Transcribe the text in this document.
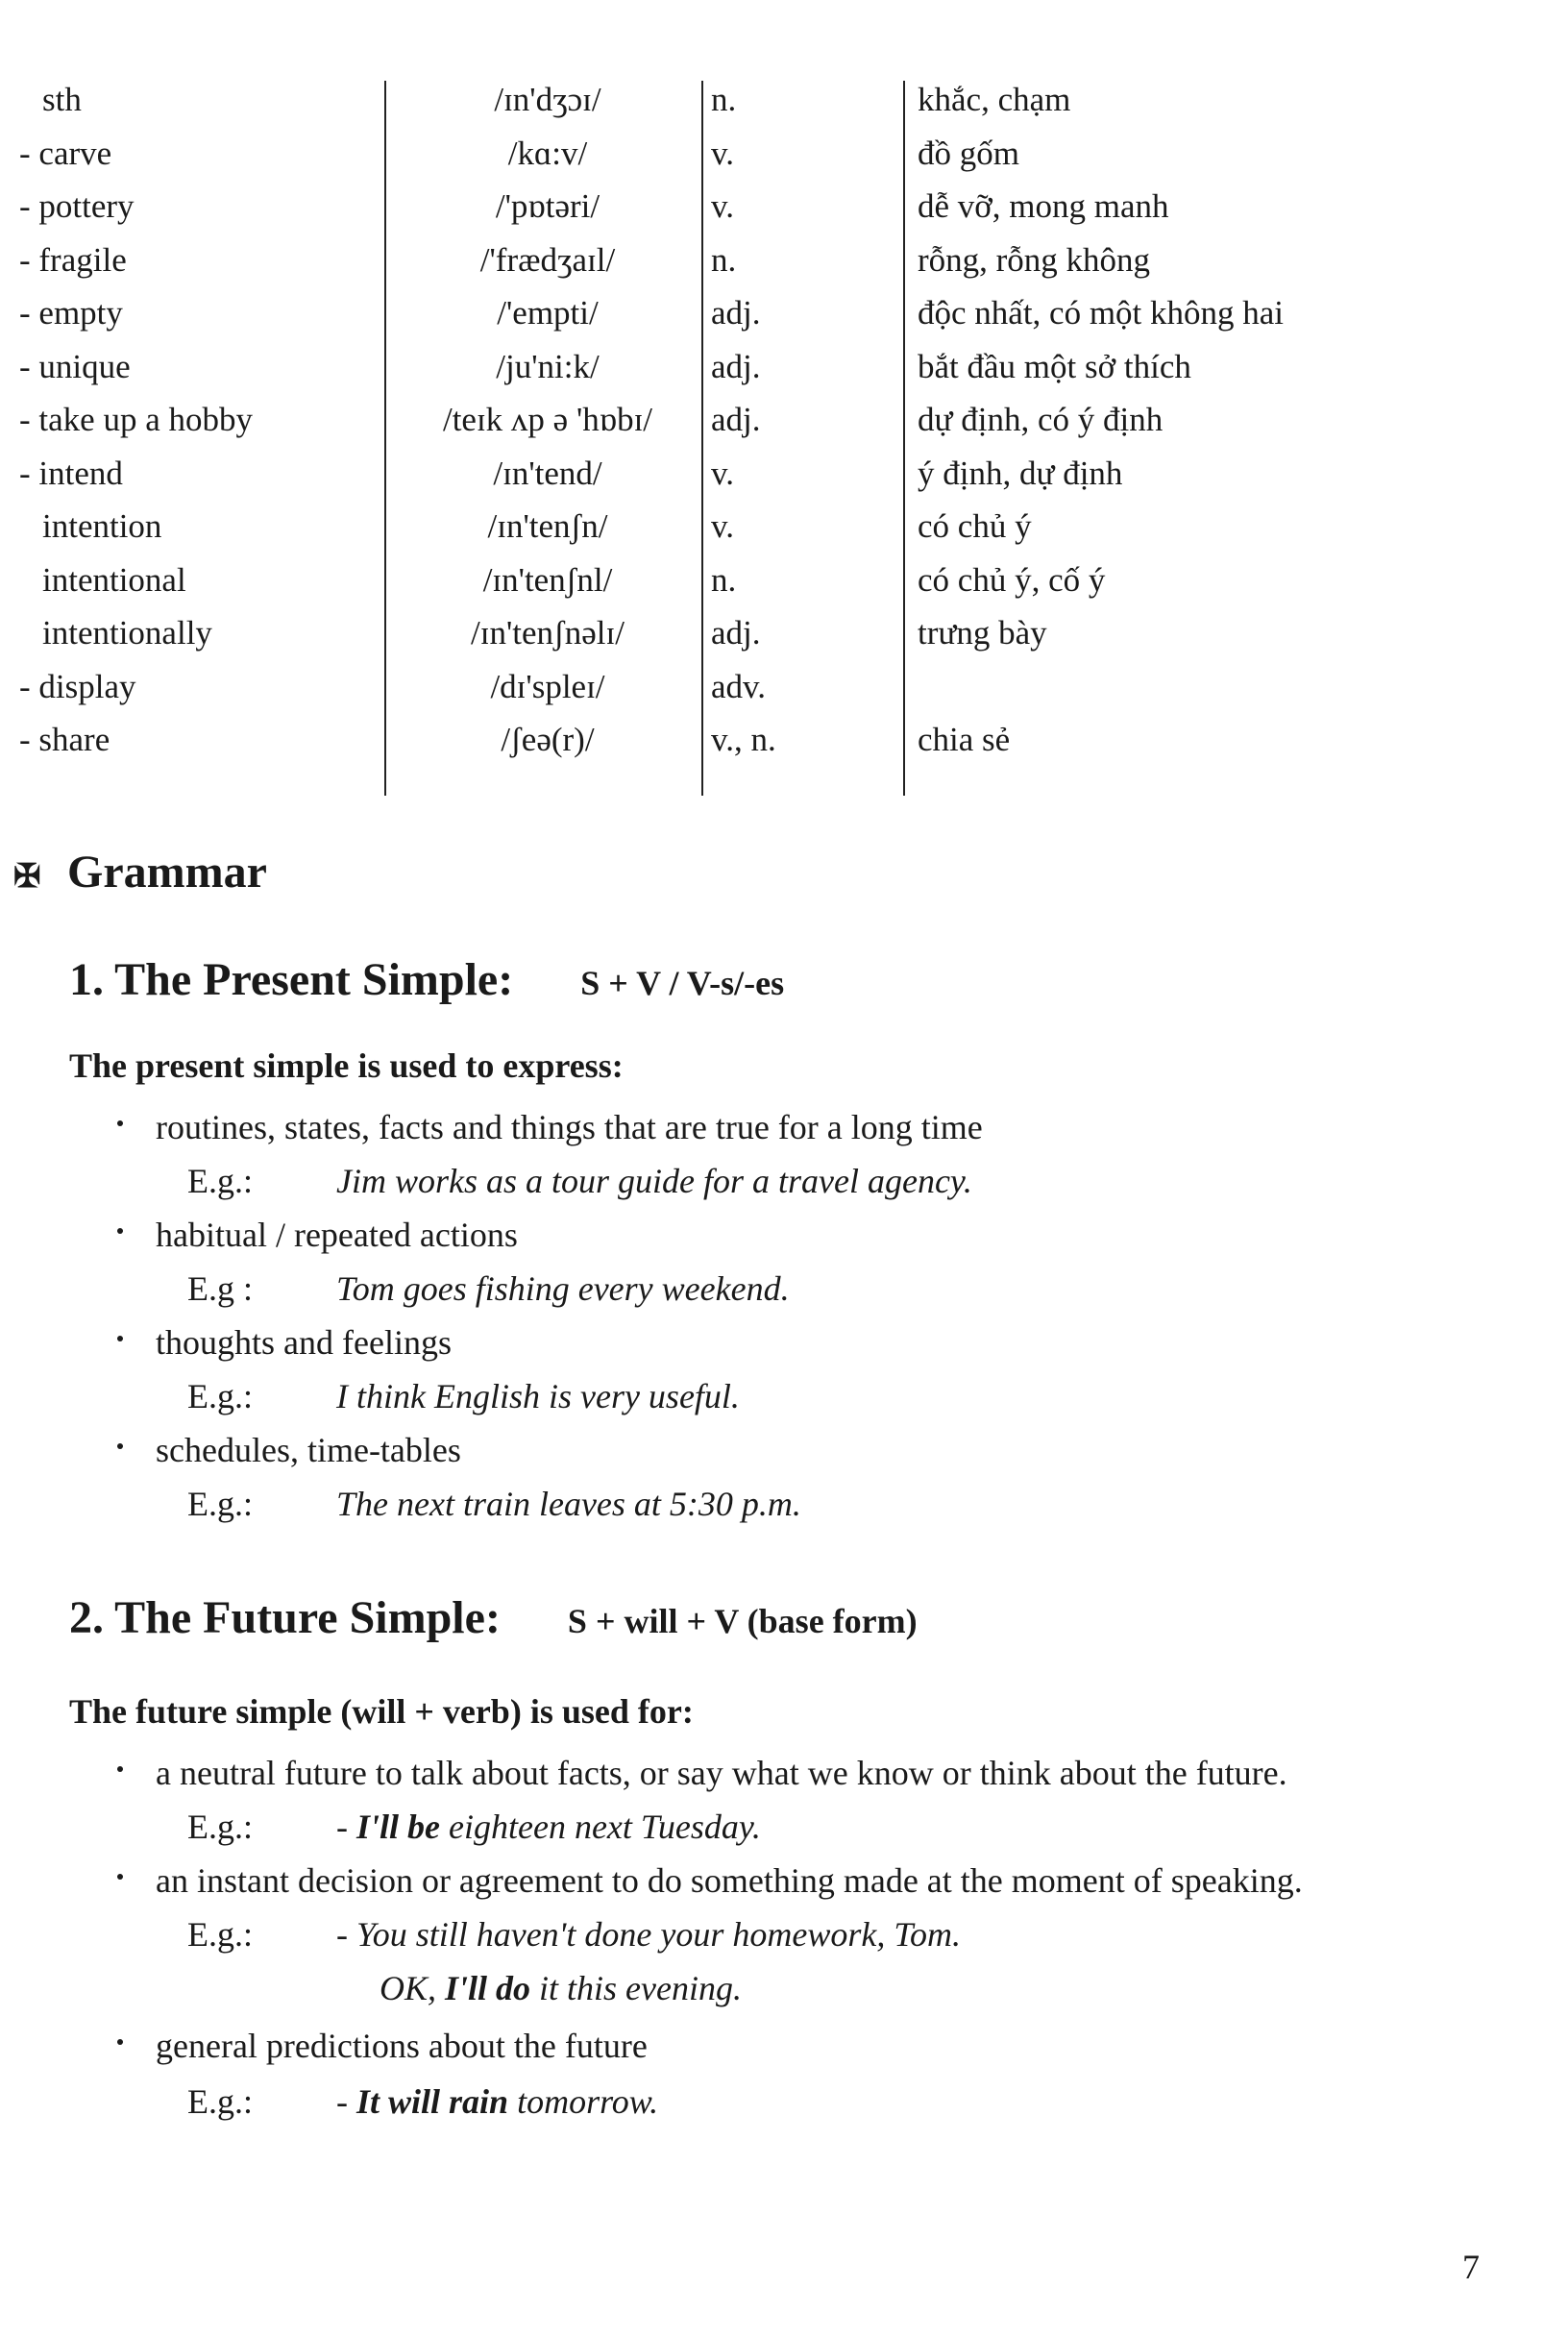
sth	/ɪn'dʒɔɪ/	n.	khắc, chạm
- carve	/kɑ:v/	v.	đồ gốm
- pottery	/'pɒtəri/	v.	dễ vỡ, mong manh
- fragile	/'frædʒaɪl/	n.	rỗng, rỗng không
- empty	/'empti/	adj.	độc nhất, có một không hai
- unique	/ju'ni:k/	adj.	bắt đầu một sở thích
- take up a hobby	/teɪk ʌp ə 'hɒbɪ/	adj.	dự định, có ý định
- intend	/ɪn'tend/	v.	ý định, dự định
intention	/ɪn'tenʃn/	v.	có chủ ý
intentional	/ɪn'tenʃnl/	n.	có chủ ý, cố ý
intentionally	/ɪn'tenʃnəlɪ/	adj.	trưng bày
- display	/dɪ'spleɪ/	adv.
- share	/ʃeə(r)/	v., n.	chia sẻ
✠ Grammar
1. The Present Simple: S + V / V-s/-es
The present simple is used to express:
routines, states, facts and things that are true for a long time
E.g.: Jim works as a tour guide for a travel agency.
habitual / repeated actions
E.g : Tom goes fishing every weekend.
thoughts and feelings
E.g.: I think English is very useful.
schedules, time-tables
E.g.: The next train leaves at 5:30 p.m.
2. The Future Simple: S + will + V (base form)
The future simple (will + verb) is used for:
a neutral future to talk about facts, or say what we know or think about the future.
E.g.: - I'll be eighteen next Tuesday.
an instant decision or agreement to do something made at the moment of speaking.
E.g.: - You still haven't done your homework, Tom.
OK, I'll do it this evening.
general predictions about the future
E.g.: - It will rain tomorrow.
7
